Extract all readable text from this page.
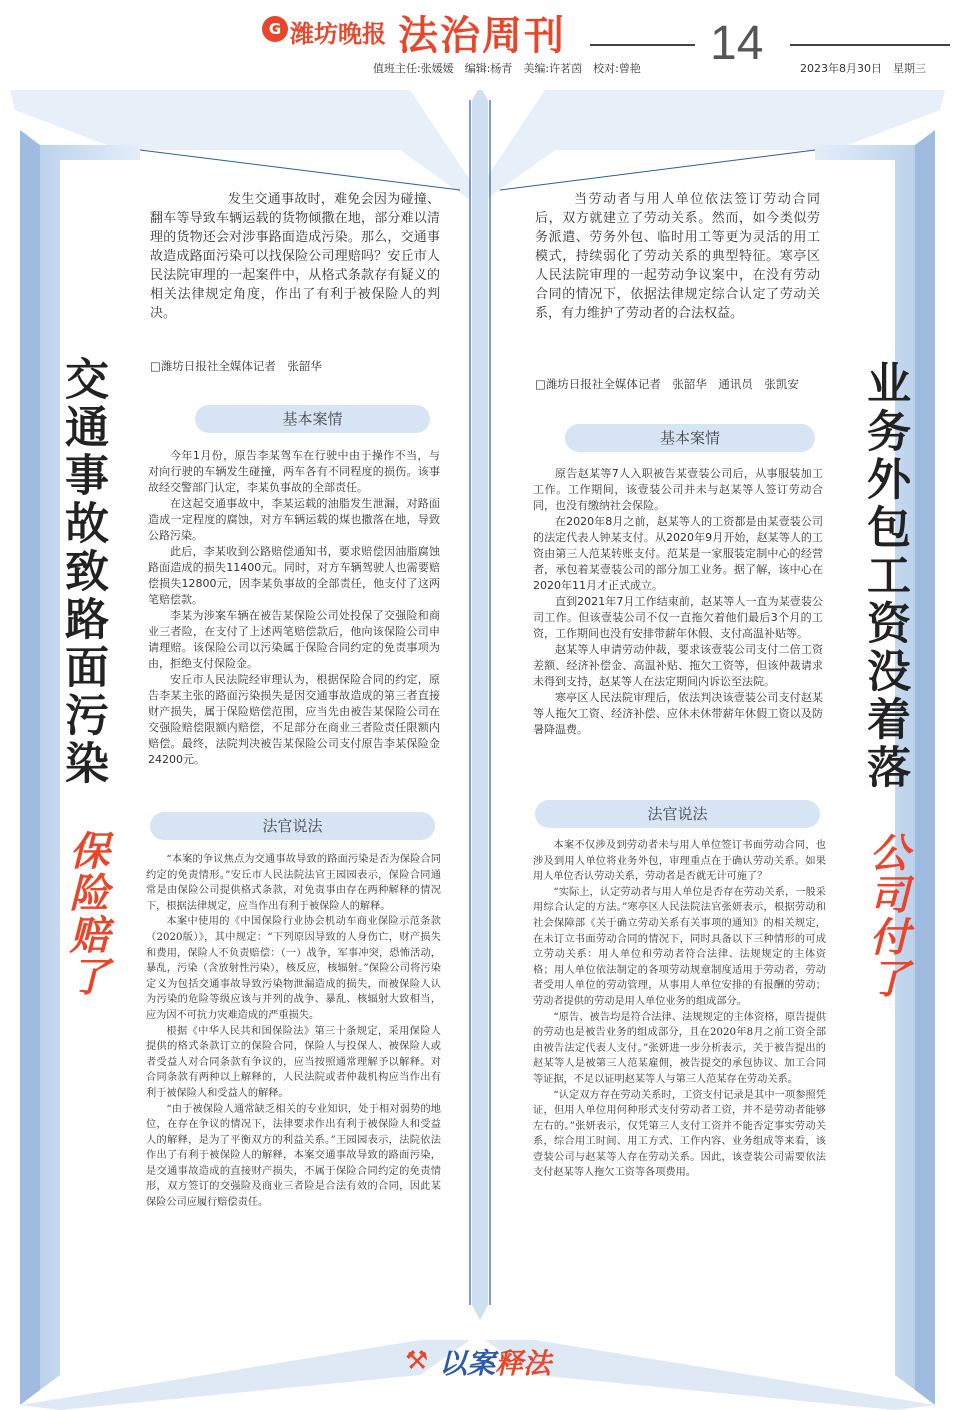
G 潍坊晚报 法治周刊	14
值班主任:张媛媛　编辑:杨青　美编:许茗茵　校对:曾艳	2023年8月30日　星期三
交通事故致路面污染
保险赔了
发生交通事故时，难免会因为碰撞、翻车等导致车辆运载的货物倾撒在地，部分难以清理的货物还会对涉事路面造成污染。那么，交通事故造成路面污染可以找保险公司理赔吗？安丘市人民法院审理的一起案件中，从格式条款存有疑义的相关法律规定角度，作出了有利于被保险人的判决。
□潍坊日报社全媒体记者　张韶华
基本案情

今年1月份，原告李某驾车在行驶中由于操作不当，与对向行驶的车辆发生碰撞，两车各有不同程度的损伤。该事故经交警部门认定，李某负事故的全部责任。

在这起交通事故中，李某运载的油脂发生泄漏，对路面造成一定程度的腐蚀，对方车辆运载的煤也撒落在地，导致公路污染。

此后，李某收到公路赔偿通知书，要求赔偿因油脂腐蚀路面造成的损失11400元。同时，对方车辆驾驶人也需要赔偿损失12800元，因李某负事故的全部责任，他支付了这两笔赔偿款。

李某为涉案车辆在被告某保险公司处投保了交强险和商业三者险，在支付了上述两笔赔偿款后，他向该保险公司申请理赔。该保险公司以污染属于保险合同约定的免责事项为由，拒绝支付保险金。

安丘市人民法院经审理认为，根据保险合同的约定，原告李某主张的路面污染损失是因交通事故造成的第三者直接财产损失，属于保险赔偿范围，应当先由被告某保险公司在交强险赔偿限额内赔偿，不足部分在商业三者险责任限额内赔偿。最终，法院判决被告某保险公司支付原告李某保险金24200元。

法官说法

“本案的争议焦点为交通事故导致的路面污染是否为保险合同约定的免责情形。”安丘市人民法院法官王园园表示，保险合同通常是由保险公司提供格式条款，对免责事由存在两种解释的情况下，根据法律规定，应当作出有利于被保险人的解释。

本案中使用的《中国保险行业协会机动车商业保险示范条款（2020版）》，其中规定：“下列原因导致的人身伤亡，财产损失和费用，保险人不负责赔偿：（一）战争，军事冲突，恐怖活动，暴乱，污染（含放射性污染），核反应，核辐射。”保险公司将污染定义为包括交通事故导致污染物泄漏造成的损失，而被保险人认为污染的危险等级应该与并列的战争、暴乱、核辐射大致相当，应为因不可抗力灾难造成的严重损失。

根据《中华人民共和国保险法》第三十条规定，采用保险人提供的格式条款订立的保险合同，保险人与投保人、被保险人或者受益人对合同条款有争议的，应当按照通常理解予以解释。对合同条款有两种以上解释的，人民法院或者仲裁机构应当作出有利于被保险人和受益人的解释。

“由于被保险人通常缺乏相关的专业知识，处于相对弱势的地位，在存在争议的情况下，法律要求作出有利于被保险人和受益人的解释，是为了平衡双方的利益关系。”王园园表示，法院依法作出了有利于被保险人的解释，本案交通事故导致的路面污染，是交通事故造成的直接财产损失，不属于保险合同约定的免责情形，双方签订的交强险及商业三者险是合法有效的合同，因此某保险公司应履行赔偿责任。

业务外包工资没着落
公司付了
当劳动者与用人单位依法签订劳动合同后，双方就建立了劳动关系。然而，如今类似劳务派遣、劳务外包、临时用工等更为灵活的用工模式，持续弱化了劳动关系的典型特征。寒亭区人民法院审理的一起劳动争议案中，在没有劳动合同的情况下，依据法律规定综合认定了劳动关系，有力维护了劳动者的合法权益。
□潍坊日报社全媒体记者　张韶华　通讯员　张凯安
基本案情

原告赵某等7人入职被告某壹装公司后，从事服装加工工作。工作期间，该壹装公司并未与赵某等人签订劳动合同，也没有缴纳社会保险。

在2020年8月之前，赵某等人的工资都是由某壹装公司的法定代表人钟某支付。从2020年9月开始，赵某等人的工资由第三人范某转账支付。范某是一家服装定制中心的经营者，承包着某壹装公司的部分加工业务。据了解，该中心在2020年11月才正式成立。

直到2021年7月工作结束前，赵某等人一直为某壹装公司工作。但该壹装公司不仅一直拖欠着他们最后3个月的工资，工作期间也没有安排带薪年休假、支付高温补贴等。

赵某等人申请劳动仲裁，要求该壹装公司支付二倍工资差额、经济补偿金、高温补贴、拖欠工资等，但该仲裁请求未得到支持，赵某等人在法定期间内诉讼至法院。

寒亭区人民法院审理后，依法判决该壹装公司支付赵某等人拖欠工资、经济补偿、应休未休带薪年休假工资以及防暑降温费。

法官说法

本案不仅涉及到劳动者未与用人单位签订书面劳动合同，也涉及到用人单位将业务外包，审理重点在于确认劳动关系。如果用人单位否认劳动关系，劳动者是否就无计可施了？

“实际上，认定劳动者与用人单位是否存在劳动关系，一般采用综合认定的方法。”寒亭区人民法院法官张妍表示，根据劳动和社会保障部《关于确立劳动关系有关事项的通知》的相关规定，在未订立书面劳动合同的情况下，同时具备以下三种情形的可成立劳动关系：用人单位和劳动者符合法律、法规规定的主体资格；用人单位依法制定的各项劳动规章制度适用于劳动者，劳动者受用人单位的劳动管理，从事用人单位安排的有报酬的劳动；劳动者提供的劳动是用人单位业务的组成部分。

“原告、被告均是符合法律、法规规定的主体资格，原告提供的劳动也是被告业务的组成部分，且在2020年8月之前工资全部由被告法定代表人支付。”张妍进一步分析表示，关于被告提出的赵某等人是被第三人范某雇佣，被告提交的承包协议、加工合同等证据，不足以证明赵某等人与第三人范某存在劳动关系。

“认定双方存在劳动关系时，工资支付记录是其中一项参照凭证，但用人单位用何种形式支付劳动者工资，并不是劳动者能够左右的。”张妍表示，仅凭第三人支付工资并不能否定事实劳动关系，综合用工时间、用工方式、工作内容、业务组成等来看，该壹装公司与赵某等人存在劳动关系。因此，该壹装公司需要依法支付赵某等人拖欠工资等各项费用。

⚒ 以案释法
